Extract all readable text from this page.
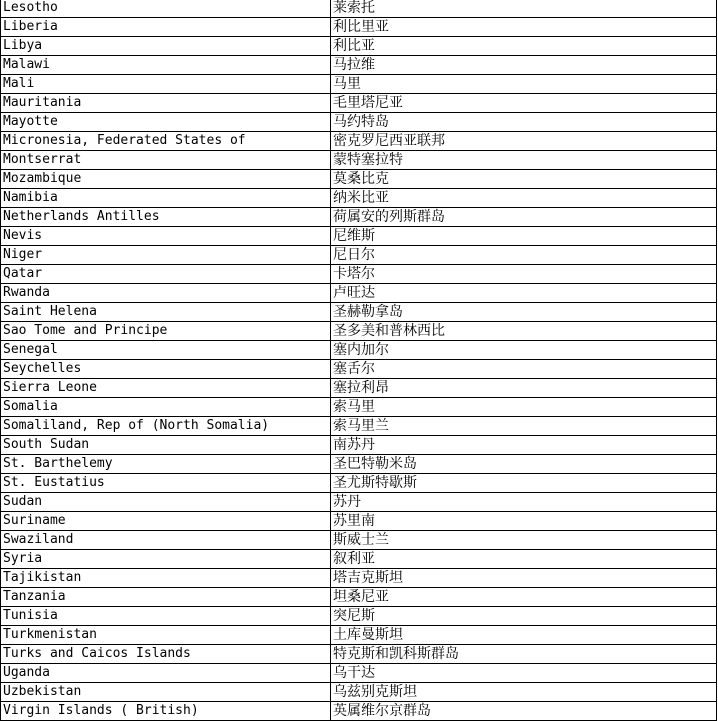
Lesotho	莱索托
Liberia	利比里亚
Libya	利比亚
Malawi	马拉维
Mali	马里
Mauritania	毛里塔尼亚
Mayotte	马约特岛
Micronesia, Federated States of	密克罗尼西亚联邦
Montserrat	蒙特塞拉特
Mozambique	莫桑比克
Namibia	纳米比亚
Netherlands Antilles	荷属安的列斯群岛
Nevis	尼维斯
Niger	尼日尔
Qatar	卡塔尔
Rwanda	卢旺达
Saint Helena	圣赫勒拿岛
Sao Tome and Principe	圣多美和普林西比
Senegal	塞内加尔
Seychelles	塞舌尔
Sierra Leone	塞拉利昂
Somalia	索马里
Somaliland, Rep of (North Somalia)	索马里兰
South Sudan	南苏丹
St. Barthelemy	圣巴特勒米岛
St. Eustatius	圣尤斯特歇斯
Sudan	苏丹
Suriname	苏里南
Swaziland	斯威士兰
Syria	叙利亚
Tajikistan	塔吉克斯坦
Tanzania	坦桑尼亚
Tunisia	突尼斯
Turkmenistan	土库曼斯坦
Turks and Caicos Islands	特克斯和凯科斯群岛
Uganda	乌干达
Uzbekistan	乌兹别克斯坦
Virgin Islands ( British)	英属维尔京群岛
